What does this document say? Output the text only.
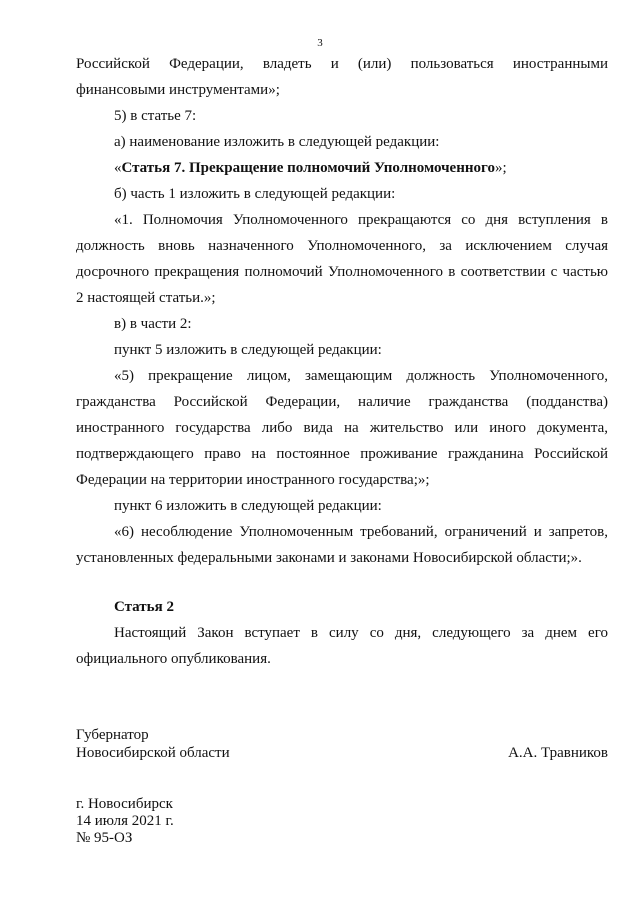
3

Российской Федерации, владеть и (или) пользоваться иностранными финансовыми инструментами»;

5) в статье 7:

а) наименование изложить в следующей редакции:

«Статья 7. Прекращение полномочий Уполномоченного»;

б) часть 1 изложить в следующей редакции:

«1. Полномочия Уполномоченного прекращаются со дня вступления в должность вновь назначенного Уполномоченного, за исключением случая досрочного прекращения полномочий Уполномоченного в соответствии с частью 2 настоящей статьи.»;

в) в части 2:

пункт 5 изложить в следующей редакции:

«5) прекращение лицом, замещающим должность Уполномоченного, гражданства Российской Федерации, наличие гражданства (подданства) иностранного государства либо вида на жительство или иного документа, подтверждающего право на постоянное проживание гражданина Российской Федерации на территории иностранного государства;»;

пункт 6 изложить в следующей редакции:

«6) несоблюдение Уполномоченным требований, ограничений и запретов, установленных федеральными законами и законами Новосибирской области;».

Статья 2

Настоящий Закон вступает в силу со дня, следующего за днем его официального опубликования.

Губернатор
Новосибирской области	А.А. Травников
г. Новосибирск
14 июля 2021 г.
№ 95-ОЗ
